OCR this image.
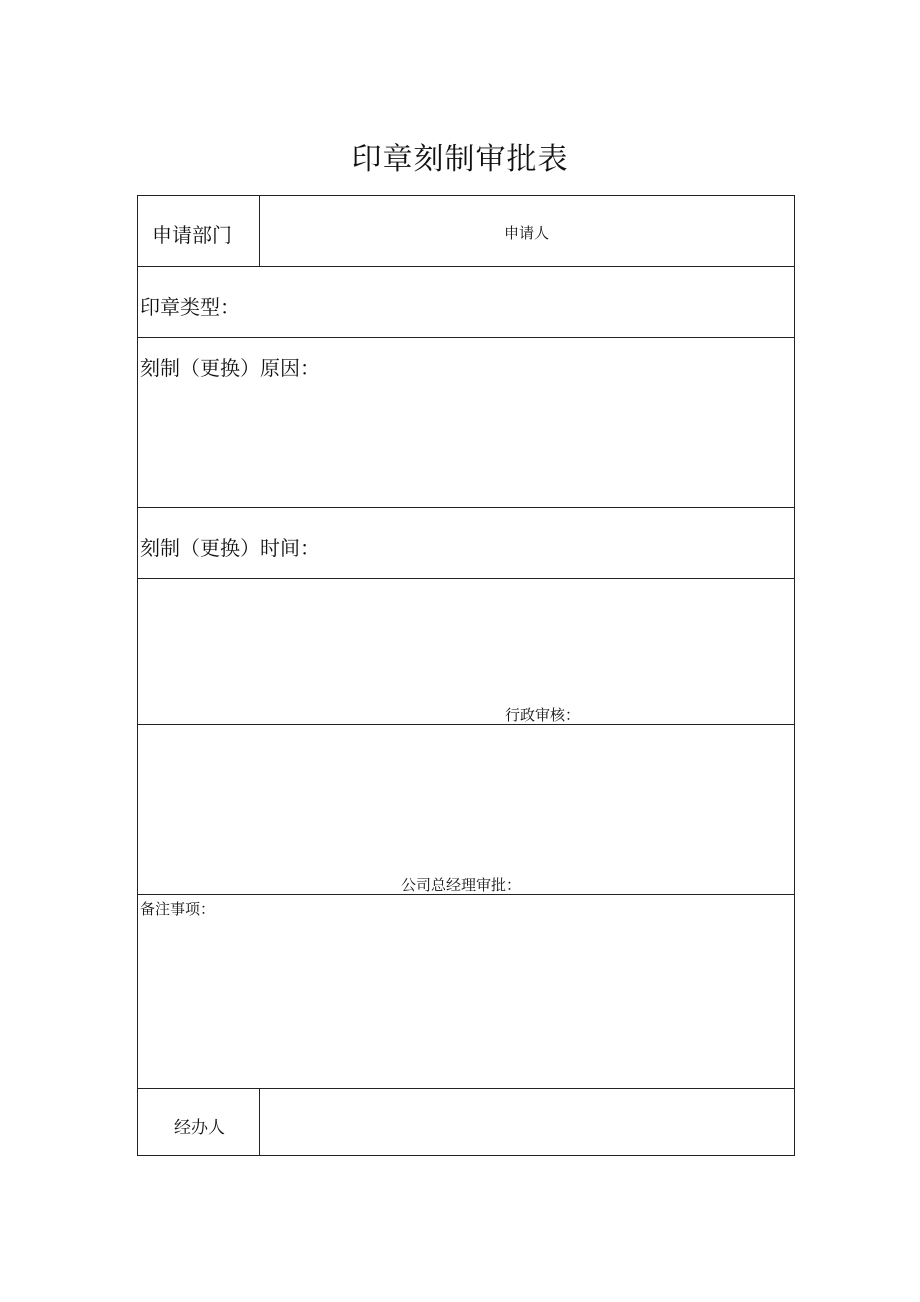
印章刻制审批表
申请部门	申请人
印章类型：
刻制（更换）原因：
刻制（更换）时间：
行政审核：
公司总经理审批：
备注事项：
经办人
